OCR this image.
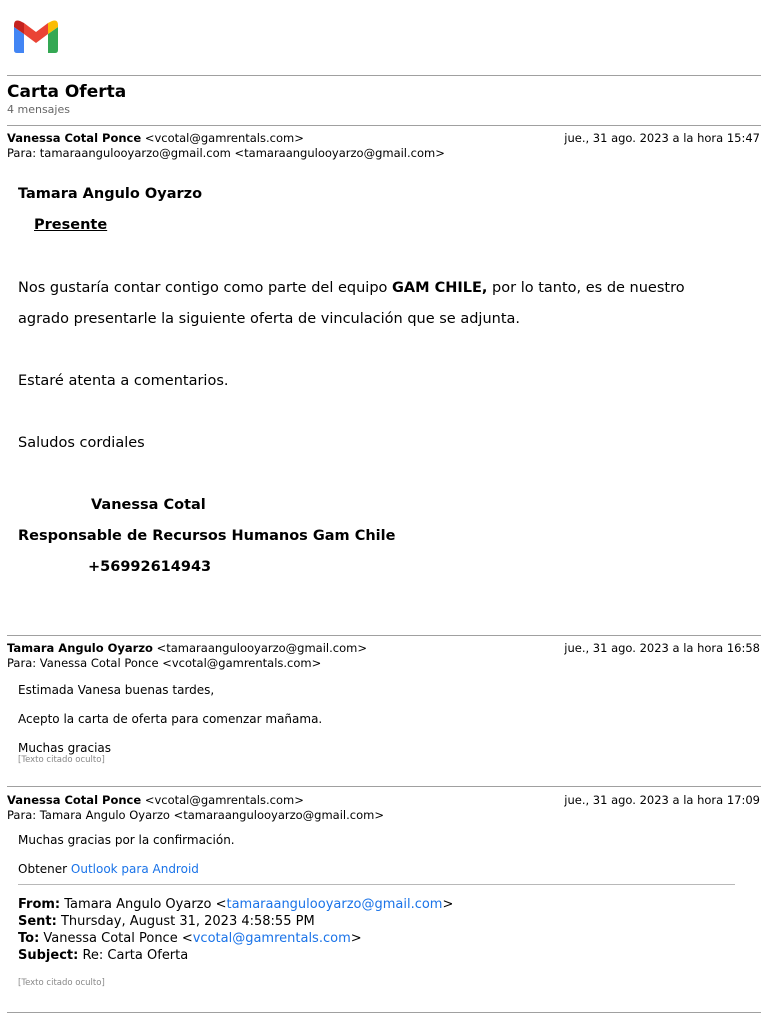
Carta Oferta
4 mensajes
Vanessa Cotal Ponce <vcotal@gamrentals.com>	jue., 31 ago. 2023 a la hora 15:47
Para: tamaraangulooyarzo@gmail.com <tamaraangulooyarzo@gmail.com>
Tamara Angulo Oyarzo
Presente
Nos gustaría contar contigo como parte del equipo GAM CHILE, por lo tanto, es de nuestro
agrado presentarle la siguiente oferta de vinculación que se adjunta.
Estaré atenta a comentarios.
Saludos cordiales
Vanessa Cotal
Responsable de Recursos Humanos Gam Chile
+56992614943
Tamara Angulo Oyarzo <tamaraangulooyarzo@gmail.com>	jue., 31 ago. 2023 a la hora 16:58
Para: Vanessa Cotal Ponce <vcotal@gamrentals.com>
Estimada Vanesa buenas tardes,
Acepto la carta de oferta para comenzar mañama.
Muchas gracias
[Texto citado oculto]
Vanessa Cotal Ponce <vcotal@gamrentals.com>	jue., 31 ago. 2023 a la hora 17:09
Para: Tamara Angulo Oyarzo <tamaraangulooyarzo@gmail.com>
Muchas gracias por la confirmación.
Obtener Outlook para Android
From: Tamara Angulo Oyarzo <tamaraangulooyarzo@gmail.com>
Sent: Thursday, August 31, 2023 4:58:55 PM
To: Vanessa Cotal Ponce <vcotal@gamrentals.com>
Subject: Re: Carta Oferta
[Texto citado oculto]
